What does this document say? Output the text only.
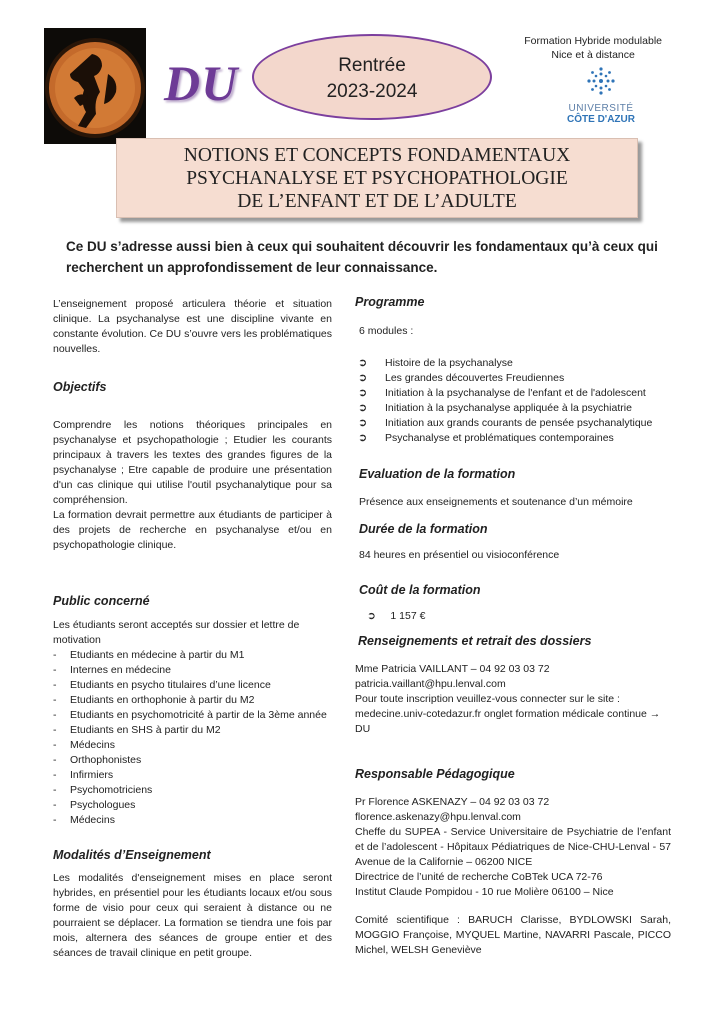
DU	Rentrée
2023-2024
Formation Hybride modulable
Nice et à distance
UNIVERSITÉ
CÔTE D'AZUR
NOTIONS ET CONCEPTS FONDAMENTAUX
PSYCHANALYSE ET PSYCHOPATHOLOGIE
DE L’ENFANT ET DE L’ADULTE
Ce DU s’adresse aussi bien à ceux qui souhaitent découvrir les fondamentaux qu’à ceux qui recherchent un approfondissement de leur connaissance.
L’enseignement proposé articulera théorie et situation clinique. La psychanalyse est une discipline vivante en constante évolution. Ce DU s’ouvre vers les problématiques nouvelles.
Objectifs

Comprendre les notions théoriques principales en psychanalyse et psychopathologie ; Etudier les courants principaux à travers les textes des grandes figures de la psychanalyse ; Etre capable de produire une présentation d'un cas clinique qui utilise l'outil psychanalytique pour sa compréhension.

La formation devrait permettre aux étudiants de participer à des projets de recherche en psychanalyse et/ou en psychopathologie clinique.

Public concerné

Les étudiants seront acceptés sur dossier et lettre de motivation

- Etudiants en médecine à partir du M1
- Internes en médecine
- Etudiants en psycho titulaires d’une licence
- Etudiants en orthophonie à partir du M2
- Etudiants en psychomotricité à partir de la 3ème année
- Etudiants en SHS à partir du M2
- Médecins
- Orthophonistes
- Infirmiers
- Psychomotriciens
- Psychologues
- Médecins
Modalités d’Enseignement
Les modalités d'enseignement mises en place seront hybrides, en présentiel pour les étudiants locaux et/ou sous forme de visio pour ceux qui seraient à distance ou ne pourraient se déplacer. La formation se tiendra une fois par mois, alternera des séances de groupe entier et des séances de travail clinique en petit groupe.
Programme
6 modules :
➲ Histoire de la psychanalyse
➲ Les grandes découvertes Freudiennes
➲ Initiation à la psychanalyse de l'enfant et de l'adolescent
➲ Initiation à la psychanalyse appliquée à la psychiatrie
➲ Initiation aux grands courants de pensée psychanalytique
➲ Psychanalyse et problématiques contemporaines
Evaluation de la formation
Présence aux enseignements et soutenance d’un mémoire
Durée de la formation
84 heures en présentiel ou visioconférence
Coût de la formation
➲ 1 157 €
Renseignements et retrait des dossiers

Mme Patricia VAILLANT – 04 92 03 03 72

patricia.vaillant@hpu.lenval.com

Pour toute inscription veuillez-vous connecter sur le site : medecine.univ-cotedazur.fr onglet formation médicale continue → DU

Responsable Pédagogique

Pr Florence ASKENAZY – 04 92 03 03 72

florence.askenazy@hpu.lenval.com

Cheffe du SUPEA - Service Universitaire de Psychiatrie de l’enfant et de l’adolescent - Hôpitaux Pédiatriques de Nice-CHU-Lenval - 57 Avenue de la Californie – 06200 NICE

Directrice de l’unité de recherche CoBTek UCA 72-76

Institut Claude Pompidou - 10 rue Molière 06100 – Nice

Comité scientifique : BARUCH Clarisse, BYDLOWSKI Sarah, MOGGIO Françoise, MYQUEL Martine, NAVARRI Pascale, PICCO Michel, WELSH Geneviève
